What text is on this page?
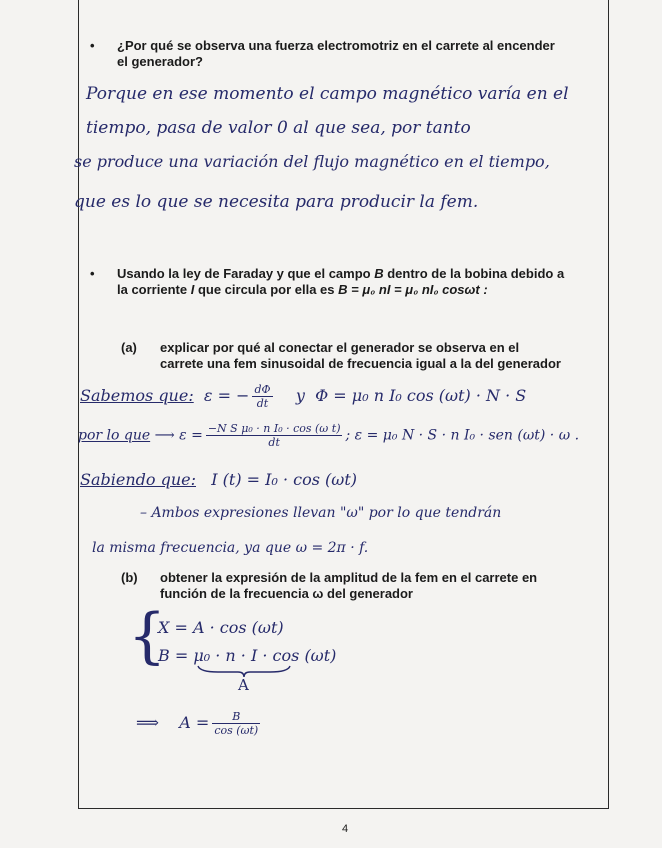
• ¿Por qué se observa una fuerza electromotriz en el carrete al encender
el generador?
Porque en ese momento el campo magnético varía en el
tiempo, pasa de valor 0 al que sea, por tanto
se produce una variación del flujo magnético en el tiempo,
que es lo que se necesita para producir la fem.
• Usando la ley de Faraday y que el campo B dentro de la bobina debido a
la corriente I que circula por ella es B = μ₀ nI = μ₀ nI₀ cosωt :
(a) explicar por qué al conectar el generador se observa en el
carrete una fem sinusoidal de frecuencia igual a la del generador
Sabemos que: ε = − $\frac{d\Phi}{dt}$ y Φ = μ₀ n I₀ cos (ωt) · N · S
por lo que ⟶ $\varepsilon = \frac{\text{−N S μ₀ · n I₀ · cos (ω t)}}{dt}$ ; ε = μ₀ N · S · n I₀ · sen (ωt) · ω .
Sabiendo que: I (t) = I₀ · cos (ωt)
– Ambos expresiones llevan "ω" por lo que tendrán
la misma frecuencia, ya que ω = 2π · f.
(b) obtener la expresión de la amplitud de la fem en el carrete en
función de la frecuencia ω del generador
{
X = A · cos (ωt)
B = μ₀ · n · I · cos (ωt)
A
⟹ $A = \frac{B}{\cos (\omega t)}$
4
